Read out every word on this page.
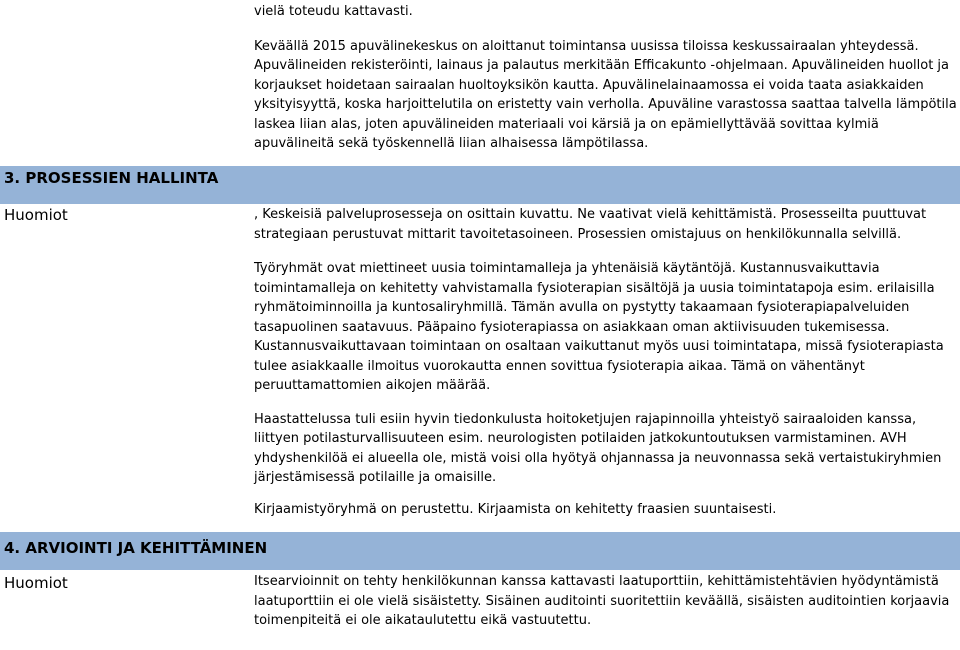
vielä toteudu kattavasti.

Keväällä 2015 apuvälinekeskus on aloittanut toimintansa uusissa tiloissa keskussairaalan yhteydessä. Apuvälineiden rekisteröinti, lainaus ja palautus merkitään Efficakunto -ohjelmaan. Apuvälineiden huollot ja korjaukset hoidetaan sairaalan huoltoyksikön kautta. Apuvälinelainaamossa ei voida taata asiakkaiden yksityisyyttä, koska harjoittelutila on eristetty vain verholla. Apuväline varastossa saattaa talvella lämpötila laskea liian alas, joten apuvälineiden materiaali voi kärsiä ja on epämiellyttävää sovittaa kylmiä apuvälineitä sekä työskennellä liian alhaisessa lämpötilassa.

3. PROSESSIEN HALLINTA
Huomiot	, Keskeisiä palveluprosesseja on osittain kuvattu. Ne vaativat vielä kehittämistä. Prosesseilta puuttuvat strategiaan perustuvat mittarit tavoitetasoineen. Prosessien omistajuus on henkilökunnalla selvillä.

Työryhmät ovat miettineet uusia toimintamalleja ja yhtenäisiä käytäntöjä. Kustannusvaikuttavia toimintamalleja on kehitetty vahvistamalla fysioterapian sisältöjä ja uusia toimintatapoja esim. erilaisilla ryhmätoiminnoilla ja kuntosaliryhmillä. Tämän avulla on pystytty takaamaan fysioterapiapalveluiden tasapuolinen saatavuus. Pääpaino fysioterapiassa on asiakkaan oman aktiivisuuden tukemisessa. Kustannusvaikuttavaan toimintaan on osaltaan vaikuttanut myös uusi toimintatapa, missä fysioterapiasta tulee asiakkaalle ilmoitus vuorokautta ennen sovittua fysioterapia aikaa. Tämä on vähentänyt peruuttamattomien aikojen määrää.

Haastattelussa tuli esiin hyvin tiedonkulusta hoitoketjujen rajapinnoilla yhteistyö sairaaloiden kanssa, liittyen potilasturvallisuuteen esim. neurologisten potilaiden jatkokuntoutuksen varmistaminen. AVH yhdyshenkilöä ei alueella ole, mistä voisi olla hyötyä ohjannassa ja neuvonnassa sekä vertaistukiryhmien järjestämisessä potilaille ja omaisille.

Kirjaamistyöryhmä on perustettu. Kirjaamista on kehitetty fraasien suuntaisesti.

4. ARVIOINTI JA KEHITTÄMINEN
Huomiot	Itsearvioinnit on tehty henkilökunnan kanssa kattavasti laatuporttiin, kehittämistehtävien hyödyntämistä laatuporttiin ei ole vielä sisäistetty. Sisäinen auditointi suoritettiin keväällä, sisäisten auditointien korjaavia toimenpiteitä ei ole aikataulutettu eikä vastuutettu.
